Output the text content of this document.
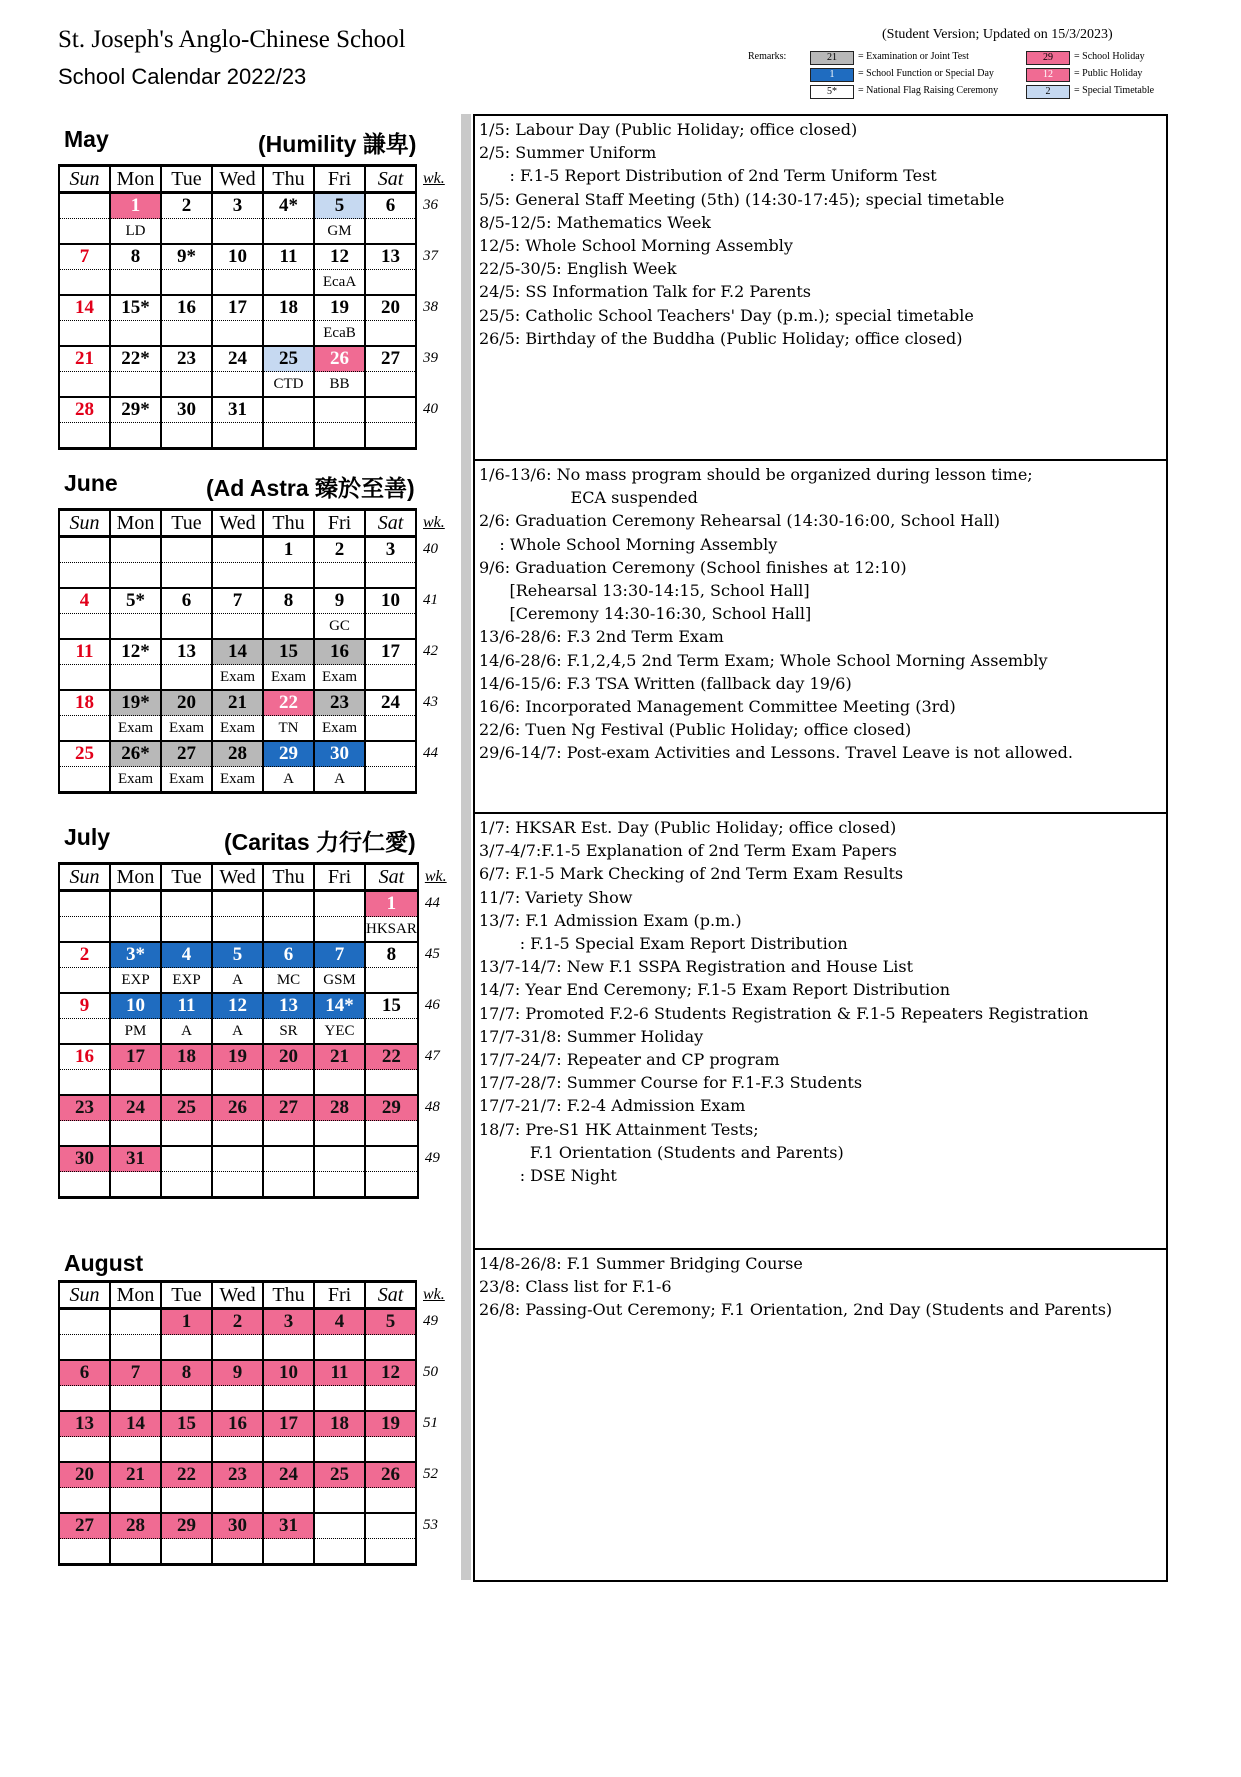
St. Joseph's Anglo-Chinese School
School Calendar 2022/23
(Student Version; Updated on 15/3/2023)
Remarks:	21	= Examination or Joint Test
1	= School Function or Special Day
5*	= National Flag Raising Ceremony
29	= School Holiday
12	= Public Holiday
2	= Special Timetable
May	(Humility 謙卑)
Sun	Mon	Tue	Wed	Thu	Fri	Sat	wk.
	1	2	3	4*	5	6	36
	LD				GM		
7	8	9*	10	11	12	13	37
					EcaA		
14	15*	16	17	18	19	20	38
					EcaB		
21	22*	23	24	25	26	27	39
				CTD	BB		
28	29*	30	31				40

1/5: Labour Day (Public Holiday; office closed)
2/5: Summer Uniform
: F.1-5 Report Distribution of 2nd Term Uniform Test
5/5: General Staff Meeting (5th) (14:30-17:45); special timetable
8/5-12/5: Mathematics Week
12/5: Whole School Morning Assembly
22/5-30/5: English Week
24/5: SS Information Talk for F.2 Parents
25/5: Catholic School Teachers' Day (p.m.); special timetable
26/5: Birthday of the Buddha (Public Holiday; office closed)
June	(Ad Astra 臻於至善)
Sun	Mon	Tue	Wed	Thu	Fri	Sat	wk.
				1	2	3	40

4	5*	6	7	8	9	10	41
					GC		
11	12*	13	14	15	16	17	42
			Exam	Exam	Exam		
18	19*	20	21	22	23	24	43
	Exam	Exam	Exam	TN	Exam		
25	26*	27	28	29	30		44
	Exam	Exam	Exam	A	A		
1/6-13/6: No mass program should be organized during lesson time;
ECA suspended
2/6: Graduation Ceremony Rehearsal (14:30-16:00, School Hall)
: Whole School Morning Assembly
9/6: Graduation Ceremony (School finishes at 12:10)
[Rehearsal 13:30-14:15, School Hall]
[Ceremony 14:30-16:30, School Hall]
13/6-28/6: F.3 2nd Term Exam
14/6-28/6: F.1,2,4,5 2nd Term Exam; Whole School Morning Assembly
14/6-15/6: F.3 TSA Written (fallback day 19/6)
16/6: Incorporated Management Committee Meeting (3rd)
22/6: Tuen Ng Festival (Public Holiday; office closed)
29/6-14/7: Post-exam Activities and Lessons. Travel Leave is not allowed.
July	(Caritas 力行仁愛)
Sun	Mon	Tue	Wed	Thu	Fri	Sat	wk.
						1	44
						HKSAR	
2	3*	4	5	6	7	8	45
	EXP	EXP	A	MC	GSM		
9	10	11	12	13	14*	15	46
	PM	A	A	SR	YEC		
16	17	18	19	20	21	22	47

23	24	25	26	27	28	29	48

30	31						49

1/7: HKSAR Est. Day (Public Holiday; office closed)
3/7-4/7:F.1-5 Explanation of 2nd Term Exam Papers
6/7: F.1-5 Mark Checking of 2nd Term Exam Results
11/7: Variety Show
13/7: F.1 Admission Exam (p.m.)
: F.1-5 Special Exam Report Distribution
13/7-14/7: New F.1 SSPA Registration and House List
14/7: Year End Ceremony; F.1-5 Exam Report Distribution
17/7: Promoted F.2-6 Students Registration & F.1-5 Repeaters Registration
17/7-31/8: Summer Holiday
17/7-24/7: Repeater and CP program
17/7-28/7: Summer Course for F.1-F.3 Students
17/7-21/7: F.2-4 Admission Exam
18/7: Pre-S1 HK Attainment Tests;
F.1 Orientation (Students and Parents)
: DSE Night
August
Sun	Mon	Tue	Wed	Thu	Fri	Sat	wk.
		1	2	3	4	5	49

6	7	8	9	10	11	12	50

13	14	15	16	17	18	19	51

20	21	22	23	24	25	26	52

27	28	29	30	31			53

14/8-26/8: F.1 Summer Bridging Course
23/8: Class list for F.1-6
26/8: Passing-Out Ceremony; F.1 Orientation, 2nd Day (Students and Parents)
